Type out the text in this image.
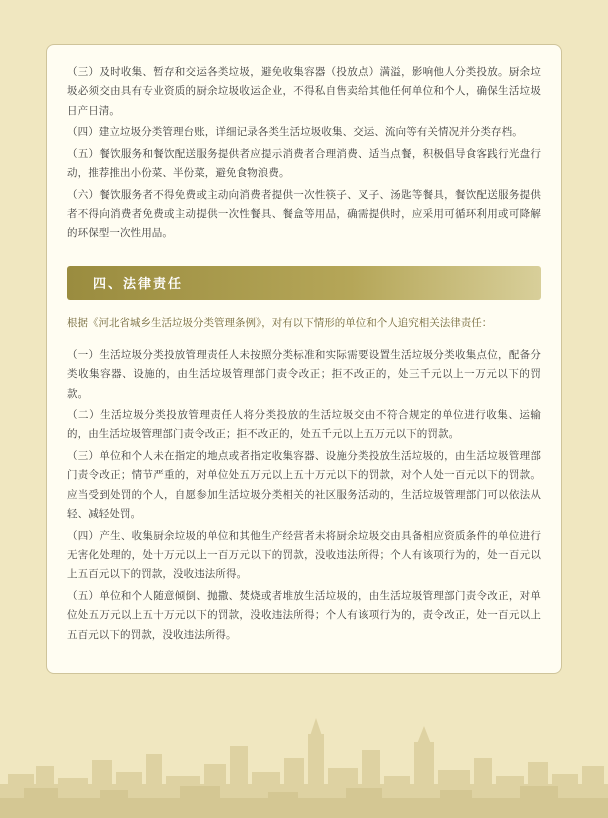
（三）及时收集、暂存和交运各类垃圾，避免收集容器（投放点）满溢，影响他人分类投放。厨余垃圾必须交由具有专业资质的厨余垃圾收运企业，不得私自售卖给其他任何单位和个人，确保生活垃圾日产日清。

（四）建立垃圾分类管理台账，详细记录各类生活垃圾收集、交运、流向等有关情况并分类存档。

（五）餐饮服务和餐饮配送服务提供者应提示消费者合理消费、适当点餐，积极倡导食客践行光盘行动，推荐推出小份菜、半份菜，避免食物浪费。

（六）餐饮服务者不得免费或主动向消费者提供一次性筷子、叉子、汤匙等餐具，餐饮配送服务提供者不得向消费者免费或主动提供一次性餐具、餐盒等用品，确需提供时，应采用可循环利用或可降解的环保型一次性用品。

四、法律责任

根据《河北省城乡生活垃圾分类管理条例》，对有以下情形的单位和个人追究相关法律责任：

（一）生活垃圾分类投放管理责任人未按照分类标准和实际需要设置生活垃圾分类收集点位，配备分类收集容器、设施的，由生活垃圾管理部门责令改正；拒不改正的，处三千元以上一万元以下的罚款。

（二）生活垃圾分类投放管理责任人将分类投放的生活垃圾交由不符合规定的单位进行收集、运输的，由生活垃圾管理部门责令改正；拒不改正的，处五千元以上五万元以下的罚款。

（三）单位和个人未在指定的地点或者指定收集容器、设施分类投放生活垃圾的，由生活垃圾管理部门责令改正；情节严重的，对单位处五万元以上五十万元以下的罚款，对个人处一百元以下的罚款。应当受到处罚的个人，自愿参加生活垃圾分类相关的社区服务活动的，生活垃圾管理部门可以依法从轻、减轻处罚。

（四）产生、收集厨余垃圾的单位和其他生产经营者未将厨余垃圾交由具备相应资质条件的单位进行无害化处理的，处十万元以上一百万元以下的罚款，没收违法所得；个人有该项行为的，处一百元以上五百元以下的罚款，没收违法所得。

（五）单位和个人随意倾倒、抛撒、焚烧或者堆放生活垃圾的，由生活垃圾管理部门责令改正，对单位处五万元以上五十万元以下的罚款，没收违法所得；个人有该项行为的，责令改正，处一百元以上五百元以下的罚款，没收违法所得。
